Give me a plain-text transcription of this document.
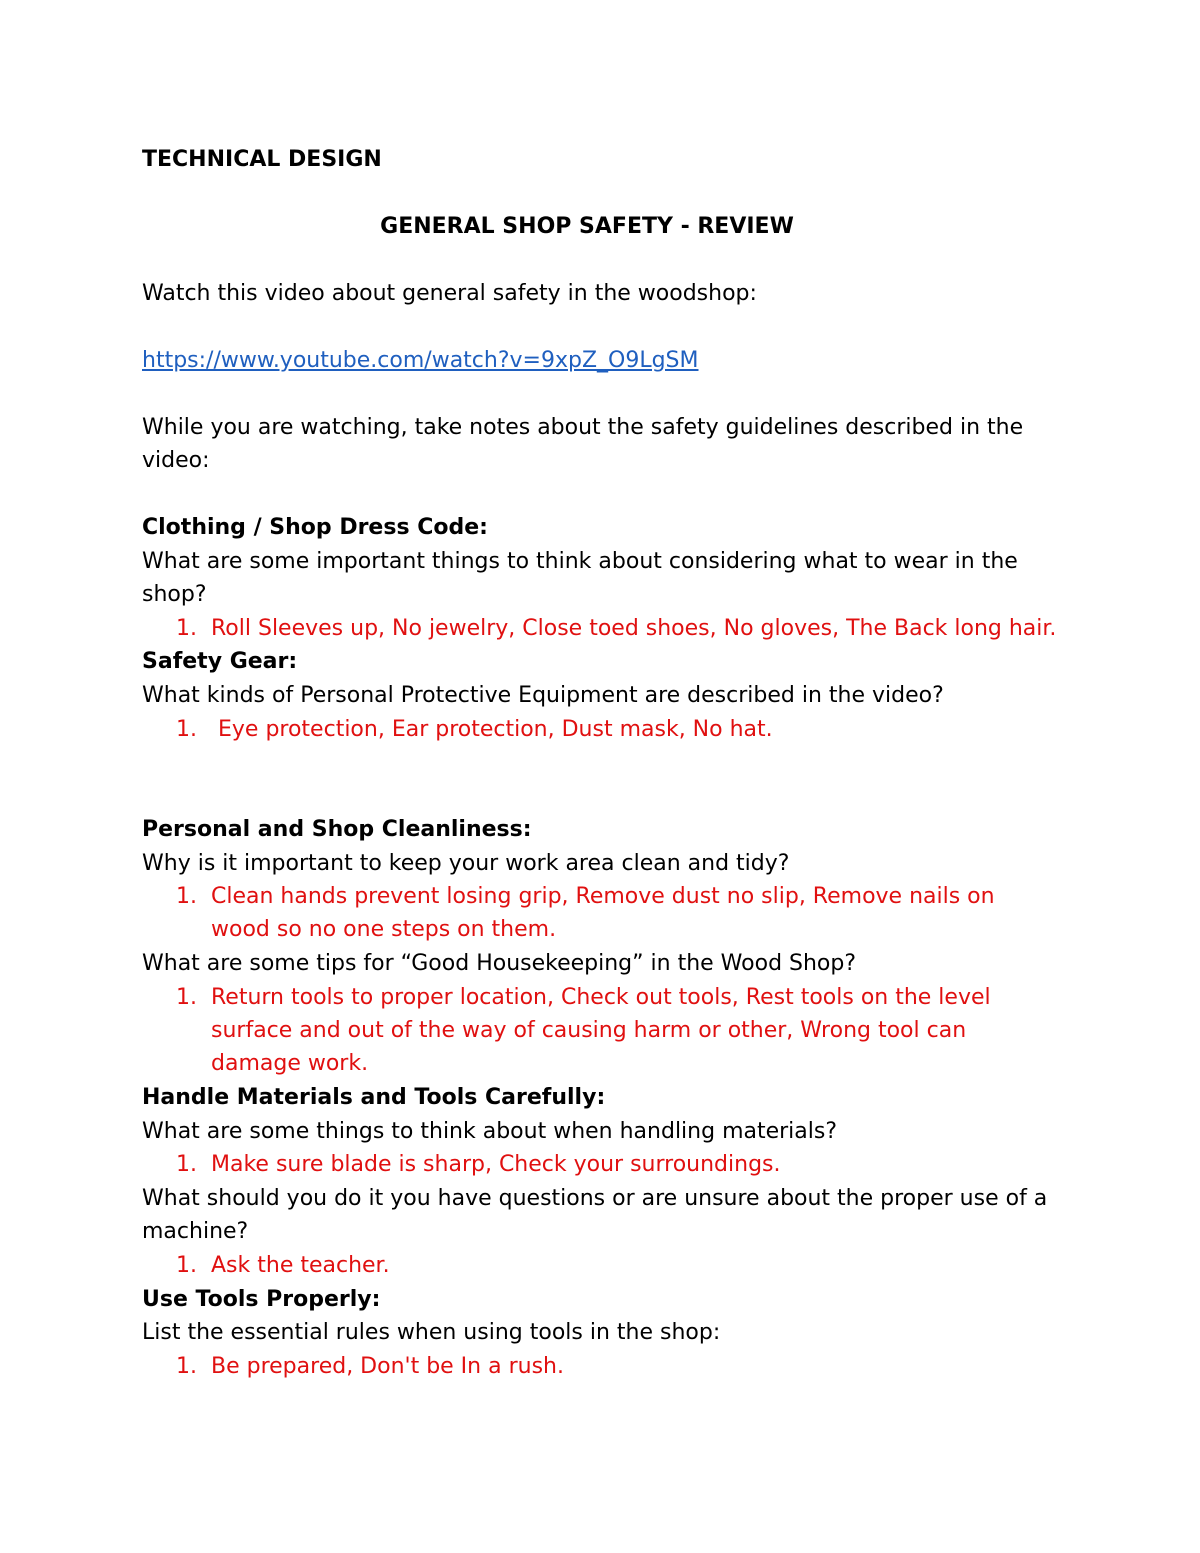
TECHNICAL DESIGN
GENERAL SHOP SAFETY - REVIEW
Watch this video about general safety in the woodshop:
https://www.youtube.com/watch?v=9xpZ_O9LgSM
While you are watching, take notes about the safety guidelines described in the
video:
Clothing / Shop Dress Code:
What are some important things to think about considering what to wear in the
shop?
1. Roll Sleeves up, No jewelry, Close toed shoes, No gloves, The Back long hair.
Safety Gear:
What kinds of Personal Protective Equipment are described in the video?
1. Eye protection, Ear protection, Dust mask, No hat.
Personal and Shop Cleanliness:
Why is it important to keep your work area clean and tidy?
1. Clean hands prevent losing grip, Remove dust no slip, Remove nails on
wood so no one steps on them.
What are some tips for “Good Housekeeping” in the Wood Shop?
1. Return tools to proper location, Check out tools, Rest tools on the level
surface and out of the way of causing harm or other, Wrong tool can
damage work.
Handle Materials and Tools Carefully:
What are some things to think about when handling materials?
1. Make sure blade is sharp, Check your surroundings.
What should you do it you have questions or are unsure about the proper use of a
machine?
1. Ask the teacher.
Use Tools Properly:
List the essential rules when using tools in the shop:
1. Be prepared, Don't be In a rush.
